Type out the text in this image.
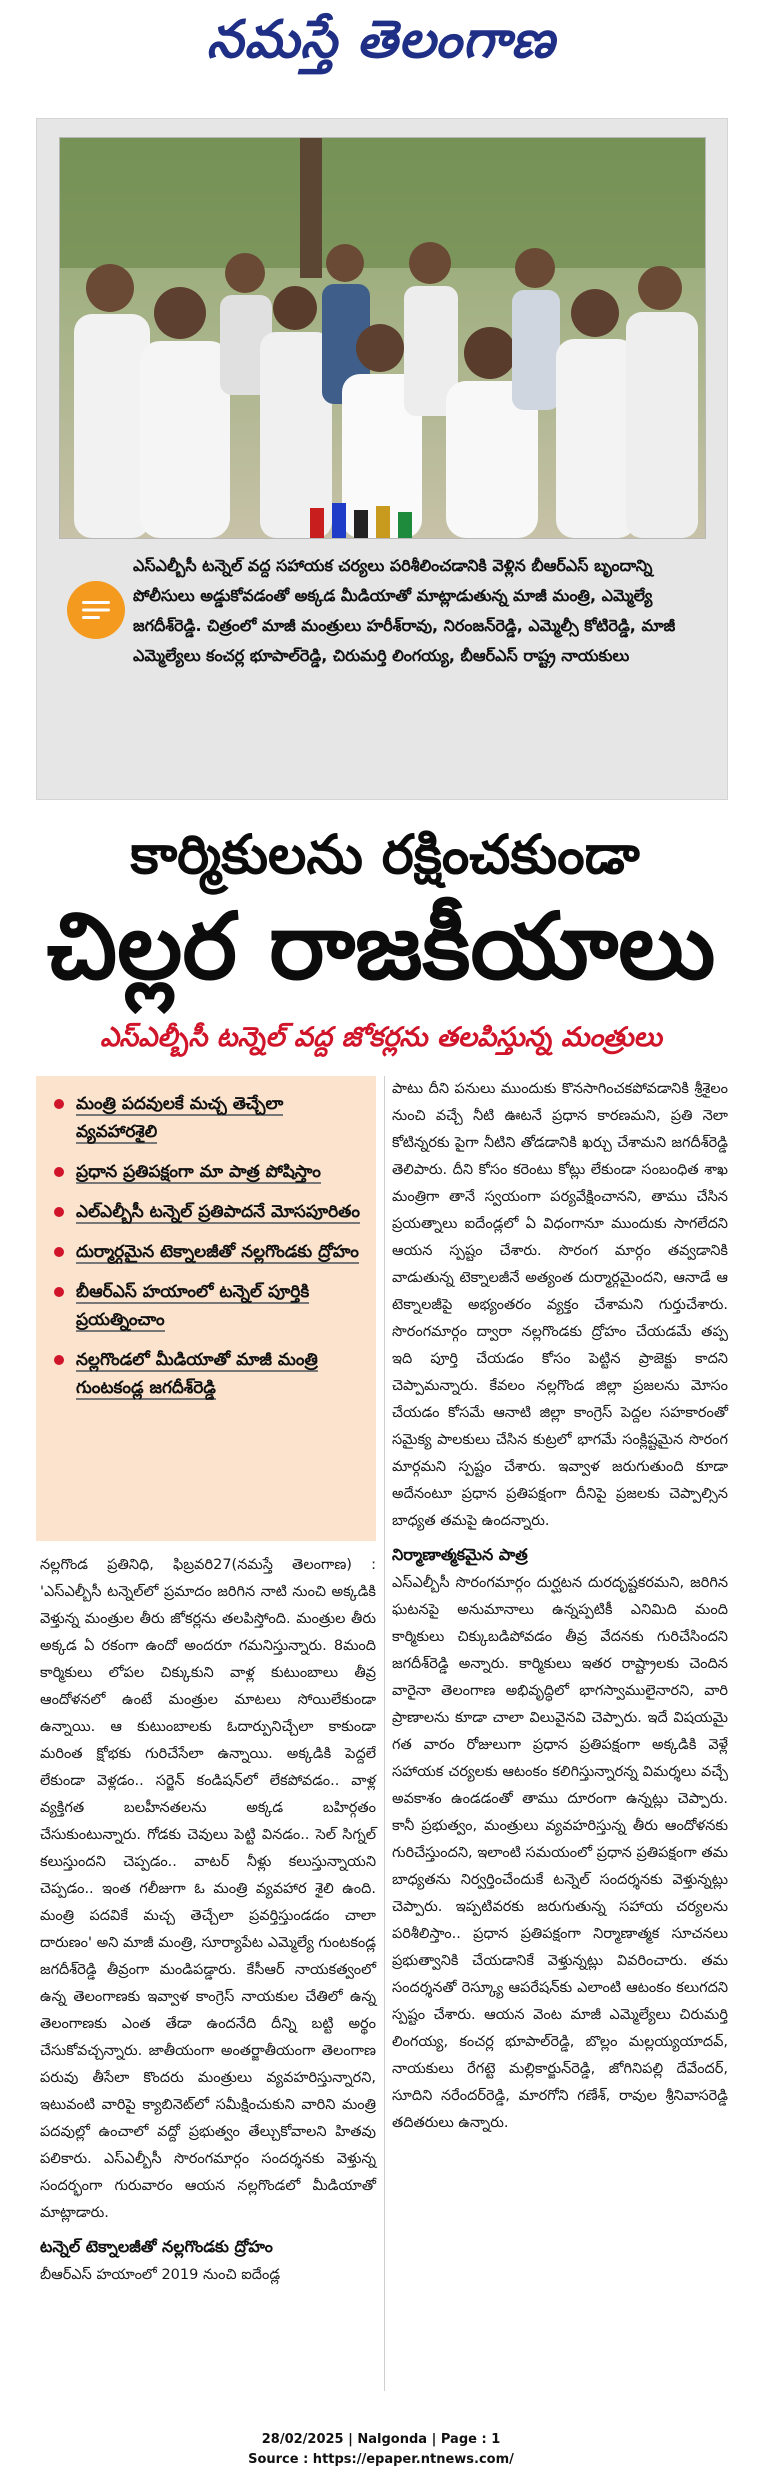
నమస్తే తెలంగాణ
ఎస్ఎల్బీసీ టన్నెల్ వద్ద సహాయక చర్యలు పరిశీలించడానికి వెళ్లిన బీఆర్ఎస్ బృందాన్ని పోలీసులు అడ్డుకోవడంతో అక్కడ మీడియాతో మాట్లాడుతున్న మాజీ మంత్రి, ఎమ్మెల్యే జగదీశ్‌రెడ్డి. చిత్రంలో మాజీ మంత్రులు హరీశ్‌రావు, నిరంజన్‌రెడ్డి, ఎమ్మెల్సీ కోటిరెడ్డి, మాజీ ఎమ్మెల్యేలు కంచర్ల భూపాల్‌రెడ్డి, చిరుమర్తి లింగయ్య, బీఆర్ఎస్ రాష్ట్ర నాయకులు
కార్మికులను రక్షించకుండా
చిల్లర రాజకీయాలు
ఎస్ఎల్బీసీ టన్నెల్ వద్ద జోకర్లను తలపిస్తున్న మంత్రులు
మంత్రి పదవులకే మచ్చ తెచ్చేలా వ్యవహారశైలి
ప్రధాన ప్రతిపక్షంగా మా పాత్ర పోషిస్తాం
ఎల్ఎల్బీసీ టన్నెల్ ప్రతిపాదనే మోసపూరితం
దుర్మార్గమైన టెక్నాలజీతో నల్లగొండకు ద్రోహం
బీఆర్ఎస్ హయాంలో టన్నెల్ పూర్తికి ప్రయత్నించాం
నల్లగొండలో మీడియాతో మాజీ మంత్రి గుంటకండ్ల జగదీశ్‌రెడ్డి

నల్లగొండ ప్రతినిధి, ఫిబ్రవరి27(నమస్తే తెలంగాణ) : 'ఎస్ఎల్బీసీ టన్నెల్‌లో ప్రమాదం జరిగిన నాటి నుంచి అక్కడికి వెళ్తున్న మంత్రుల తీరు జోకర్లను తలపిస్తోంది. మంత్రుల తీరు అక్కడ ఏ రకంగా ఉందో అందరూ గమనిస్తున్నారు. 8మంది కార్మికులు లోపల చిక్కుకుని వాళ్ల కుటుంబాలు తీవ్ర ఆందోళనలో ఉంటే మంత్రుల మాటలు సోయిలేకుండా ఉన్నాయి. ఆ కుటుంబాలకు ఓదార్పునిచ్చేలా కాకుండా మరింత క్షోభకు గురిచేసేలా ఉన్నాయి. అక్కడికి పెద్దలే లేకుండా వెళ్లడం.. సర్జెన్ కండిషన్‌లో లేకపోవడం.. వాళ్ల వ్యక్తిగత బలహీనతలను అక్కడ బహిర్గతం చేసుకుంటున్నారు. గోడకు చెవులు పెట్టి వినడం.. సెల్ సిగ్నల్ కలుస్తుందని చెప్పడం.. వాటర్ నీళ్లు కలుస్తున్నాయని చెప్పడం.. ఇంత గలీజుగా ఓ మంత్రి వ్యవహార శైలి ఉంది. మంత్రి పదవికే మచ్చ తెచ్చేలా ప్రవర్తిస్తుండడం చాలా దారుణం' అని మాజీ మంత్రి, సూర్యాపేట ఎమ్మెల్యే గుంటకండ్ల జగదీశ్‌రెడ్డి తీవ్రంగా మండిపడ్డారు. కేసీఆర్ నాయకత్వంలో ఉన్న తెలంగాణకు ఇవ్వాళ కాంగ్రెస్ నాయకుల చేతిలో ఉన్న తెలంగాణకు ఎంత తేడా ఉందనేది దీన్ని బట్టి అర్థం చేసుకోవచ్చన్నారు. జాతీయంగా అంతర్జాతీయంగా తెలంగాణ పరువు తీసేలా కొందరు మంత్రులు వ్యవహరిస్తున్నారని, ఇటువంటి వారిపై క్యాబినెట్‌లో సమీక్షించుకుని వారిని మంత్రి పదవుల్లో ఉంచాలో వద్దో ప్రభుత్వం తేల్చుకోవాలని హితవు పలికారు. ఎస్ఎల్బీసీ సొరంగమార్గం సందర్శనకు వెళ్తున్న సందర్భంగా గురువారం ఆయన నల్లగొండలో మీడియాతో మాట్లాడారు.

టన్నెల్ టెక్నాలజీతో నల్లగొండకు ద్రోహం

బీఆర్ఎస్ హయాంలో 2019 నుంచి ఐదేండ్ల

పాటు దీని పనులు ముందుకు కొనసాగించకపోవడానికి శ్రీశైలం నుంచి వచ్చే నీటి ఊటనే ప్రధాన కారణమని, ప్రతి నెలా కోటిన్నరకు పైగా నీటిని తోడడానికి ఖర్చు చేశామని జగదీశ్‌రెడ్డి తెలిపారు. దీని కోసం కరెంటు కోట్లు లేకుండా సంబంధిత శాఖ మంత్రిగా తానే స్వయంగా పర్యవేక్షించానని, తాము చేసిన ప్రయత్నాలు ఐదేండ్లలో ఏ విధంగానూ ముందుకు సాగలేదని ఆయన స్పష్టం చేశారు. సొరంగ మార్గం తవ్వడానికి వాడుతున్న టెక్నాలజీనే అత్యంత దుర్మార్గమైందని, ఆనాడే ఆ టెక్నాలజీపై అభ్యంతరం వ్యక్తం చేశామని గుర్తుచేశారు. సొరంగమార్గం ద్వారా నల్లగొండకు ద్రోహం చేయడమే తప్ప ఇది పూర్తి చేయడం కోసం పెట్టిన ప్రాజెక్టు కాదని చెప్పామన్నారు. కేవలం నల్లగొండ జిల్లా ప్రజలను మోసం చేయడం కోసమే ఆనాటి జిల్లా కాంగ్రెస్ పెద్దల సహకారంతో సమైక్య పాలకులు చేసిన కుట్రలో భాగమే సంక్లిష్టమైన సొరంగ మార్గమని స్పష్టం చేశారు. ఇవ్వాళ జరుగుతుంది కూడా అదేనంటూ ప్రధాన ప్రతిపక్షంగా దీనిపై ప్రజలకు చెప్పాల్సిన బాధ్యత తమపై ఉందన్నారు.

నిర్మాణాత్మకమైన పాత్ర

ఎస్ఎల్బీసీ సొరంగమార్గం దుర్ఘటన దురదృష్టకరమని, జరిగిన ఘటనపై అనుమానాలు ఉన్నప్పటికీ ఎనిమిది మంది కార్మికులు చిక్కుబడిపోవడం తీవ్ర వేదనకు గురిచేసిందని జగదీశ్‌రెడ్డి అన్నారు. కార్మికులు ఇతర రాష్ట్రాలకు చెందిన వారైనా తెలంగాణ అభివృద్ధిలో భాగస్వాములైనారని, వారి ప్రాణాలను కూడా చాలా విలువైనవి చెప్పారు. ఇదే విషయమై గత వారం రోజులుగా ప్రధాన ప్రతిపక్షంగా అక్కడికి వెళ్లే సహాయక చర్యలకు ఆటంకం కలిగిస్తున్నారన్న విమర్శలు వచ్చే అవకాశం ఉండడంతో తాము దూరంగా ఉన్నట్లు చెప్పారు. కానీ ప్రభుత్వం, మంత్రులు వ్యవహరిస్తున్న తీరు ఆందోళనకు గురిచేస్తుందని, ఇలాంటి సమయంలో ప్రధాన ప్రతిపక్షంగా తమ బాధ్యతను నిర్వర్తించేందుకే టన్నెల్ సందర్శనకు వెళ్తున్నట్లు చెప్పారు. ఇప్పటివరకు జరుగుతున్న సహాయ చర్యలను పరిశీలిస్తాం.. ప్రధాన ప్రతిపక్షంగా నిర్మాణాత్మక సూచనలు ప్రభుత్వానికి చేయడానికే వెళ్తున్నట్లు వివరించారు. తమ సందర్శనతో రెస్క్యూ ఆపరేషన్‌కు ఎలాంటి ఆటంకం కలుగదని స్పష్టం చేశారు. ఆయన వెంట మాజీ ఎమ్మెల్యేలు చిరుమర్తి లింగయ్య, కంచర్ల భూపాల్‌రెడ్డి, బొల్లం మల్లయ్యయాదవ్, నాయకులు రేగట్టె మల్లికార్జున్‌రెడ్డి, జోగినిపల్లి దేవేందర్, సూదిని నరేందర్‌రెడ్డి, మారగోని గణేశ్, రావుల శ్రీనివాసరెడ్డి తదితరులు ఉన్నారు.

28/02/2025 | Nalgonda | Page : 1
Source : https://epaper.ntnews.com/
